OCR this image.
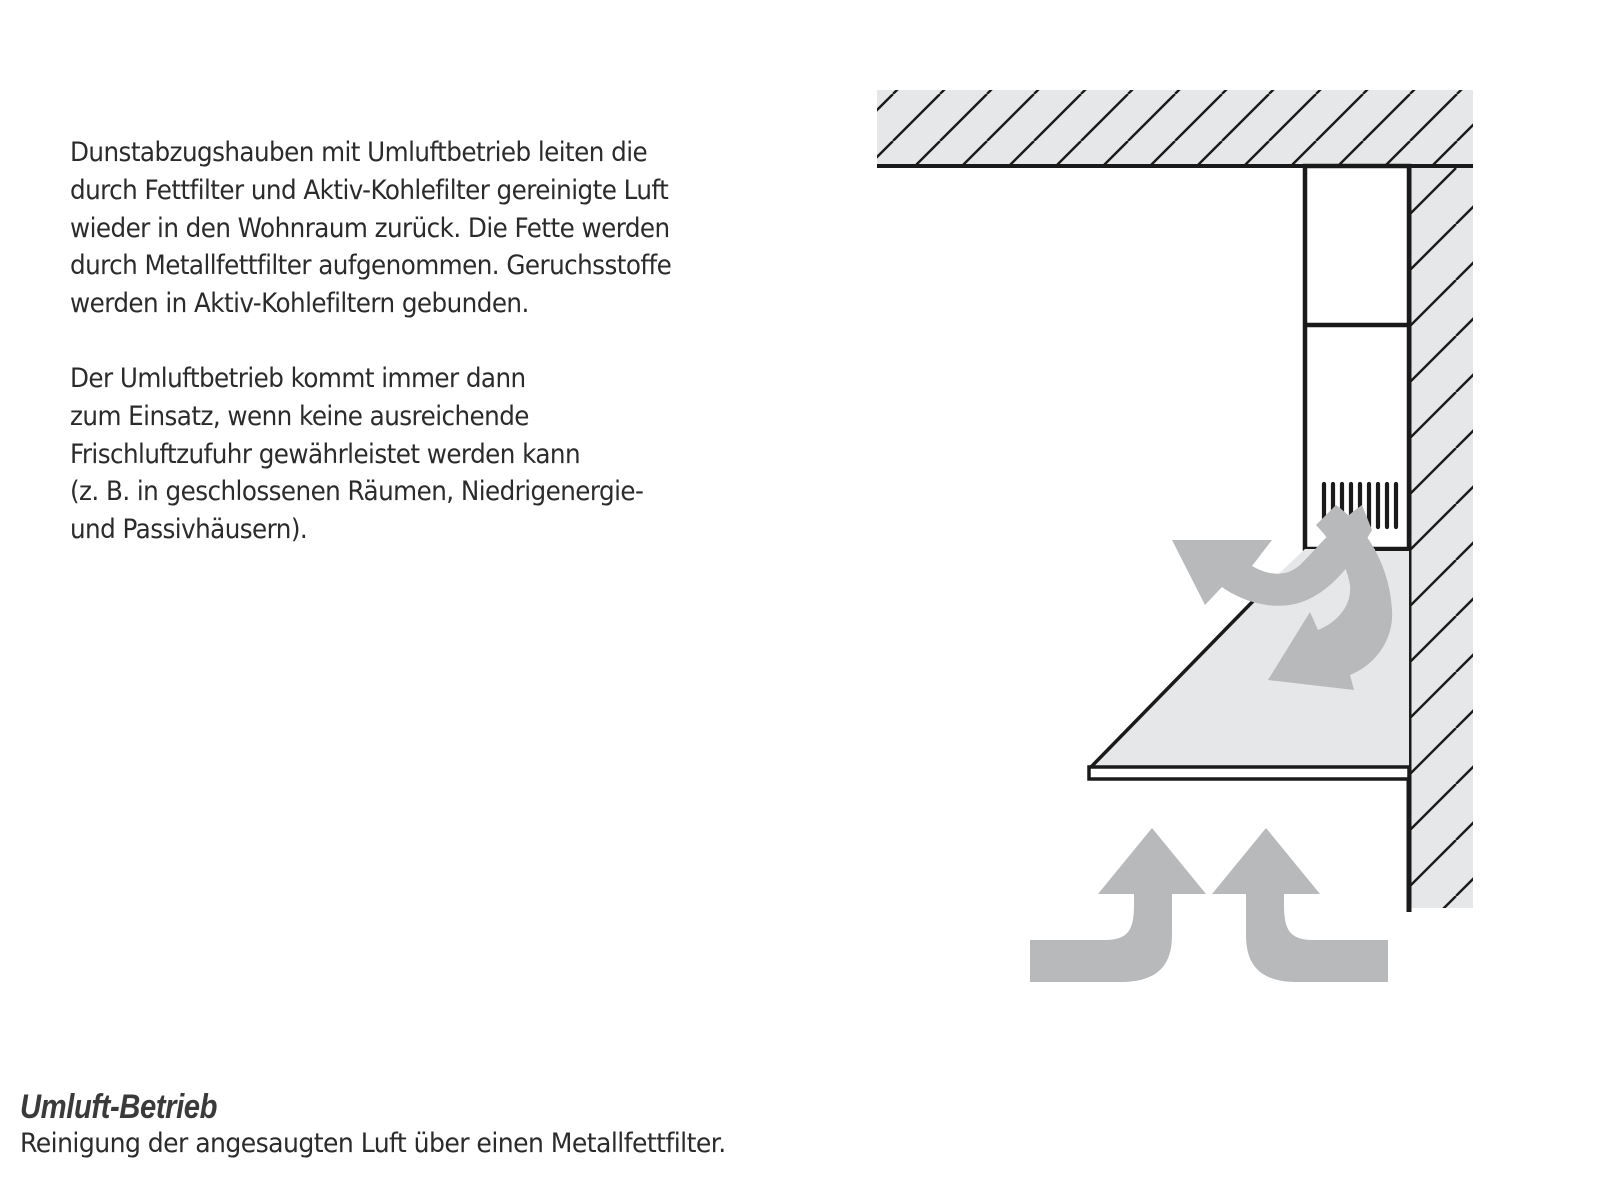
Dunstabzugshauben mit Umluftbetrieb leiten die
durch Fettfilter und Aktiv-Kohlefilter gereinigte Luft
wieder in den Wohnraum zurück. Die Fette werden
durch Metallfettfilter aufgenommen. Geruchsstoffe
werden in Aktiv-Kohlefiltern gebunden.
Der Umluftbetrieb kommt immer dann
zum Einsatz, wenn keine ausreichende
Frischluftzufuhr gewährleistet werden kann
(z. B. in geschlossenen Räumen, Niedrigenergie-
und Passivhäusern).
Umluft-Betrieb
Reinigung der angesaugten Luft über einen Metallfettfilter.
